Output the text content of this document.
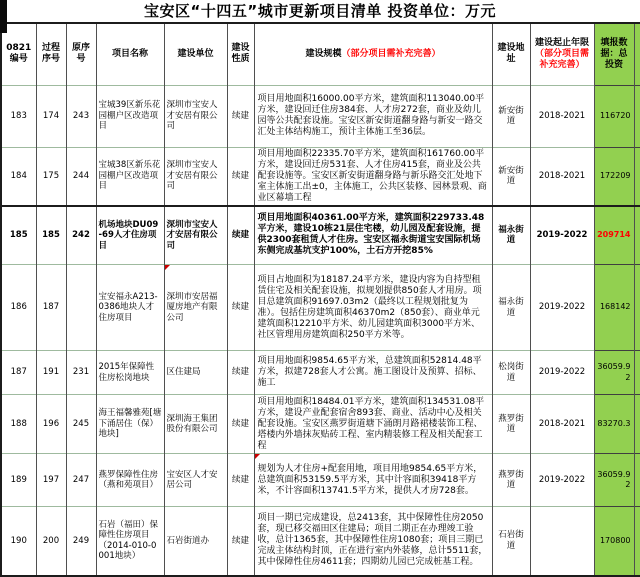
宝安区“十四五”城市更新项目清单 投资单位：万元
0821编号	过程序号	原序号	项目名称	建设单位	建设性质	建设规模（部分项目需补充完善）	建设地址	建设起止年限（部分项目需补充完善）	填报数据：总投资	
183	174	243	宝城39区新乐花园棚户区改造项目	深圳市宝安人才安居有限公司	续建	项目用地面积16000.00平方米，建筑面积113040.00平方米，建设回迁住房384套、人才房272套，商业及幼儿园等公共配套设施。宝安区新安街道翻身路与新安一路交汇处主体结构施工，预计主体施工至36层。	新安街道	2018-2021	116720	
184	175	244	宝城38区新乐花园棚户区改造项目	深圳市宝安人才安居有限公司	续建	项目用地面积22335.70平方米，建筑面积161760.00平方米，建设回迁房531套、人才住房415套，商业及公共配套设施等。宝安区新安街道翻身路与新乐路交汇处地下室主体施工出±0，主体施工，公共区装修、园林景观、商业区幕墙工程	新安街道	2018-2021	172209	
185	185	242	机场地块DU09-69人才住房项目	深圳市宝安人才安居有限公司	续建	项目用地面积40361.00平方米，建筑面积229733.48平方米，建设10栋21层住宅楼，幼儿园及配套设施，提供2300套租赁人才住房。宝安区福永街道宝安国际机场东侧完成基坑支护100%，土石方开挖85%	福永街道	2019-2022	209714	
186	187		宝安福永A213-0386地块人才住房项目	深圳市安居福厦房地产有限公司	续建	项目占地面积为18187.24平方米，建设内容为自持型租赁住宅及相关配套设施，拟规划提供850套人才用房。项目总建筑面积91697.03m2（最终以工程规划批复为准）。包括住房建筑面积46370m2（850套）、商业单元建筑面积12210平方米、幼儿园建筑面积3000平方米、社区管理用房建筑面积250平方米等。	福永街道	2019-2022	168142	
187	191	231	2015年保障性住房松岗地块	区住建局	续建	项目用地面积9854.65平方米，总建筑面积52814.48平方米，拟建728套人才公寓。施工图设计及预算、招标、施工	松岗街道	2019-2022	36059.92	
188	196	245	海王福馨雅苑[塘下涌居住（保）地块]	深圳海王集团股份有限公司	续建	项目用地面积18484.01平方米，建筑面积134531.08平方米，建设产业配套宿舍893套、商业、活动中心及相关配套设施。宝安区燕罗街道塘下涌朗月路裙楼装饰工程、塔楼内外墙抹灰贴砖工程、室内精装修工程及相关配套工程	燕罗街道	2018-2021	83270.3	
189	197	247	燕罗保障性住房（燕和苑项目）	宝安区人才安居公司	续建	规划为人才住房+配套用地，项目用地9854.65平方米，总建筑面积53159.5平方米，其中计容面积39418平方米，不计容面积13741.5平方米，提供人才房728套。	燕罗街道	2019-2022	36059.92	
190	200	249	石岩（福田）保障性住房项目（2014-010-0001地块）	石岩街道办	续建	项目一期已完成建设，总2413套，其中保障性住房2050套，现已移交福田区住建局；项目二期正在办理竣工验收，总计1365套，其中保障性住房1080套；项目三期已完成主体结构封顶，正在进行室内外装修，总计5511套，其中保障性住房4611套；四期幼儿园已完成桩基工程。	石岩街道		170800	
